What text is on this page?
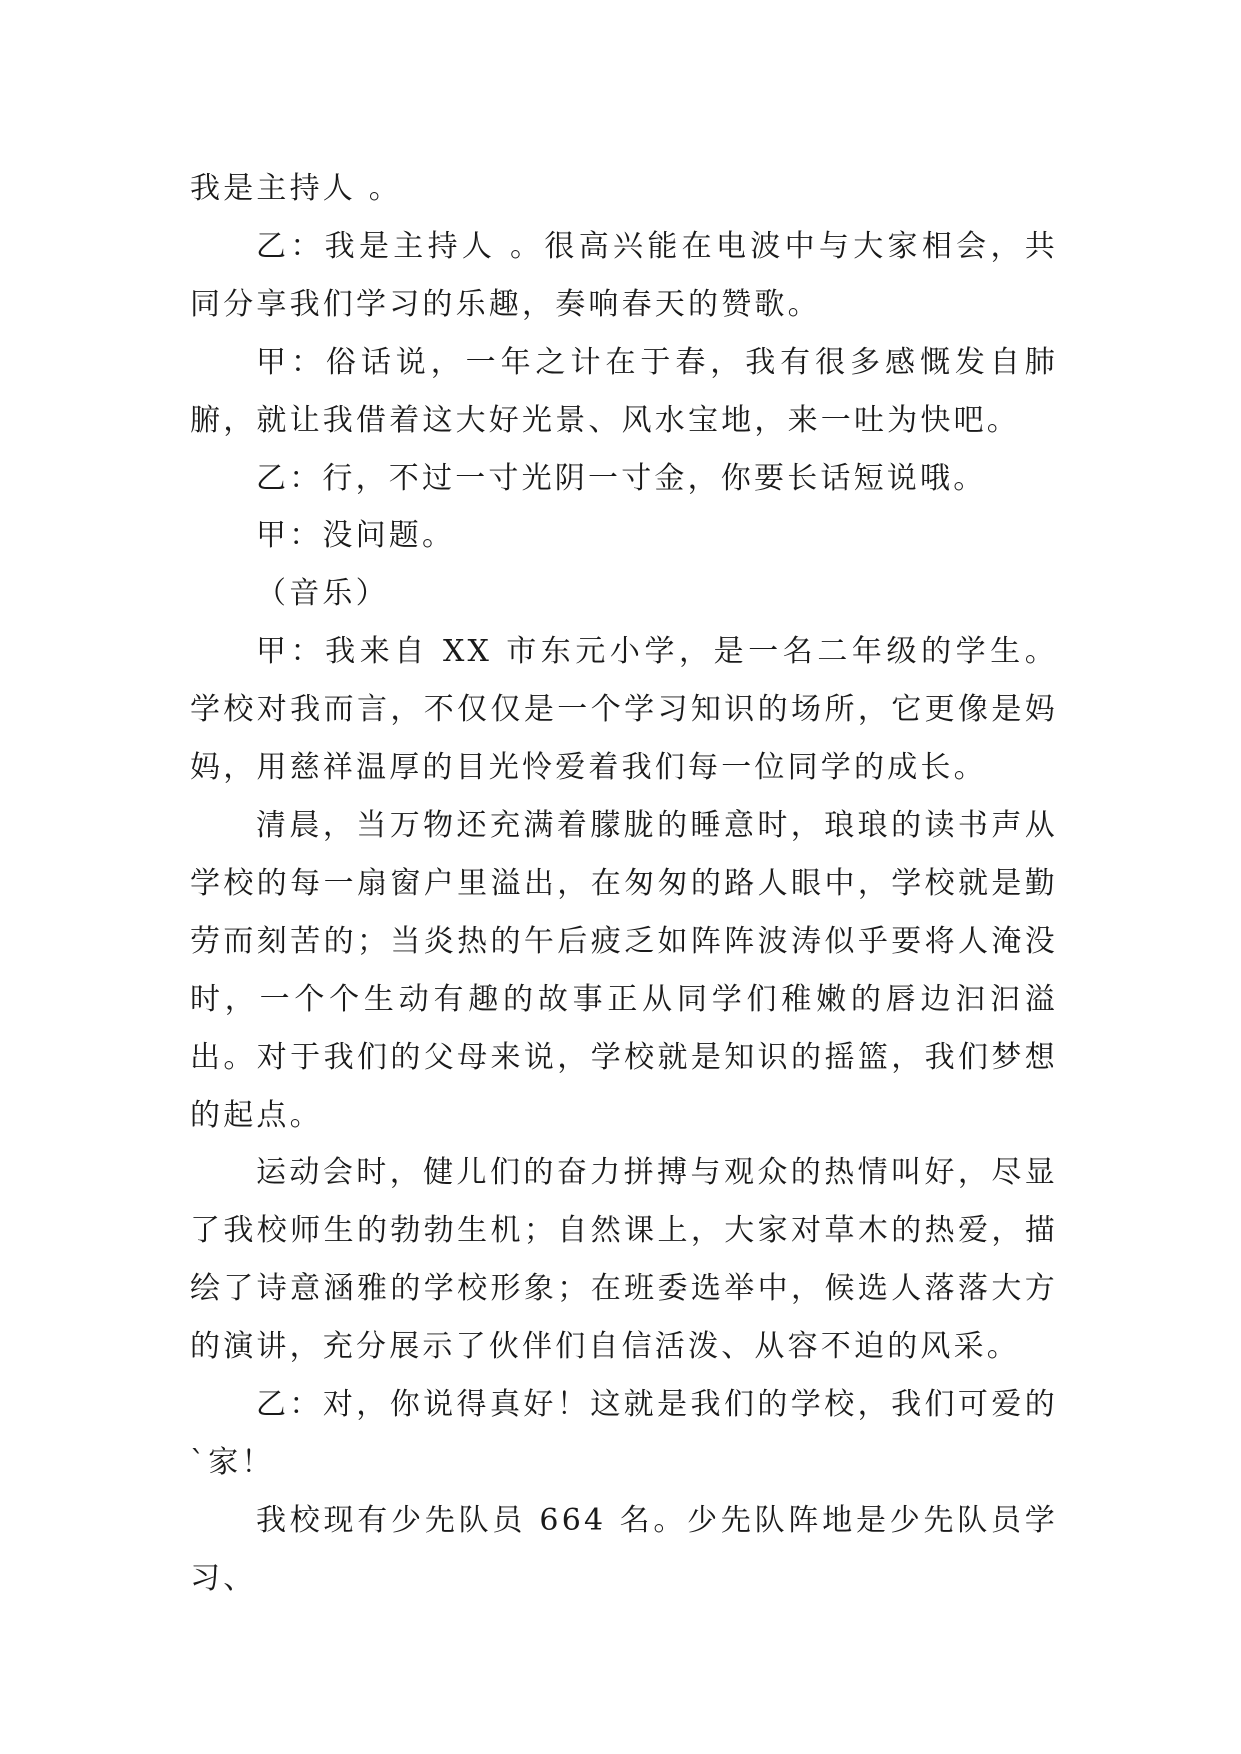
我是主持人 。

乙：我是主持人 。很高兴能在电波中与大家相会，共同分享我们学习的乐趣，奏响春天的赞歌。

甲：俗话说，一年之计在于春，我有很多感慨发自肺腑，就让我借着这大好光景、风水宝地，来一吐为快吧。

乙：行，不过一寸光阴一寸金，你要长话短说哦。

甲：没问题。

（音乐）

甲：我来自 XX 市东元小学，是一名二年级的学生。学校对我而言，不仅仅是一个学习知识的场所，它更像是妈妈，用慈祥温厚的目光怜爱着我们每一位同学的成长。

清晨，当万物还充满着朦胧的睡意时，琅琅的读书声从学校的每一扇窗户里溢出，在匆匆的路人眼中，学校就是勤劳而刻苦的；当炎热的午后疲乏如阵阵波涛似乎要将人淹没时，一个个生动有趣的故事正从同学们稚嫩的唇边汩汩溢出。对于我们的父母来说，学校就是知识的摇篮，我们梦想的起点。

运动会时，健儿们的奋力拼搏与观众的热情叫好，尽显了我校师生的勃勃生机；自然课上，大家对草木的热爱，描绘了诗意涵雅的学校形象；在班委选举中，候选人落落大方的演讲，充分展示了伙伴们自信活泼、从容不迫的风采。

乙：对，你说得真好！这就是我们的学校，我们可爱的`家！

我校现有少先队员 664 名。少先队阵地是少先队员学习、
